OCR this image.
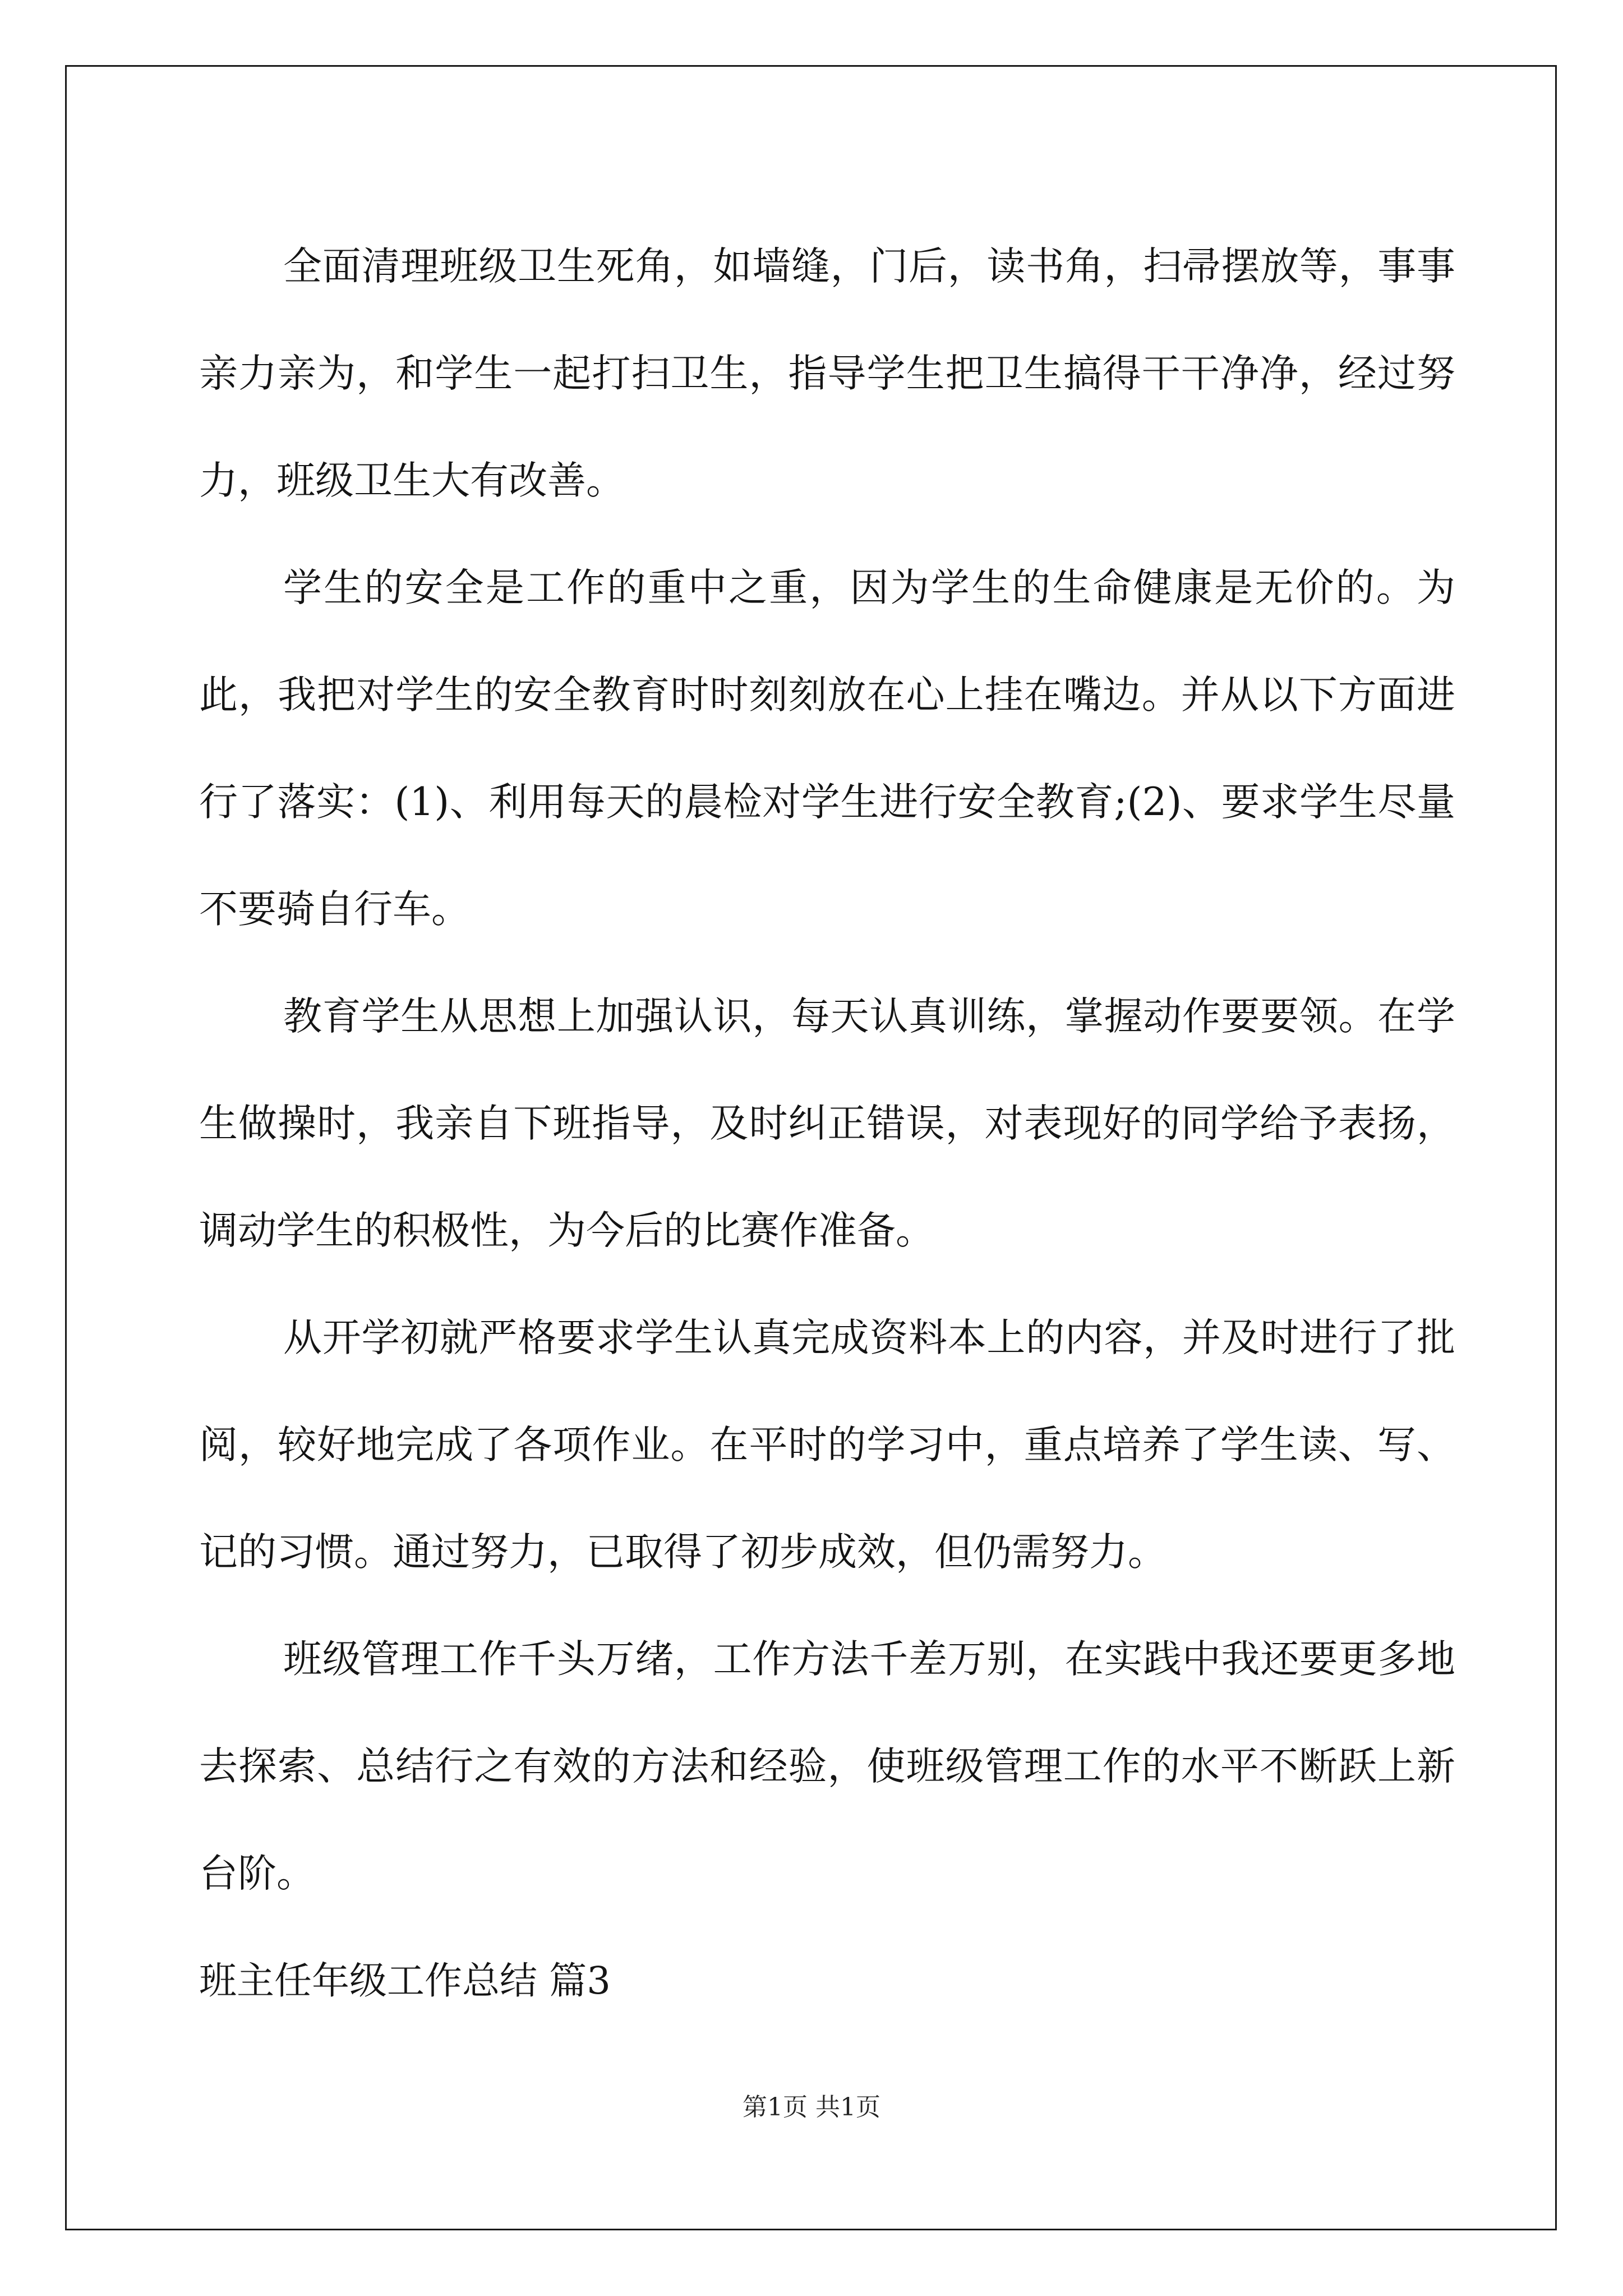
全面清理班级卫生死角，如墙缝，门后，读书角，扫帚摆放等，事事亲力亲为，和学生一起打扫卫生，指导学生把卫生搞得干干净净，经过努力，班级卫生大有改善。

学生的安全是工作的重中之重，因为学生的生命健康是无价的。为此，我把对学生的安全教育时时刻刻放在心上挂在嘴边。并从以下方面进行了落实：(1)、利用每天的晨检对学生进行安全教育;(2)、要求学生尽量不要骑自行车。

教育学生从思想上加强认识，每天认真训练，掌握动作要要领。在学生做操时，我亲自下班指导，及时纠正错误，对表现好的同学给予表扬，调动学生的积极性，为今后的比赛作准备。

从开学初就严格要求学生认真完成资料本上的内容，并及时进行了批阅，较好地完成了各项作业。在平时的学习中，重点培养了学生读、写、记的习惯。通过努力，已取得了初步成效，但仍需努力。

班级管理工作千头万绪，工作方法千差万别，在实践中我还要更多地去探索、总结行之有效的方法和经验，使班级管理工作的水平不断跃上新台阶。

班主任年级工作总结 篇3

第1页 共1页
